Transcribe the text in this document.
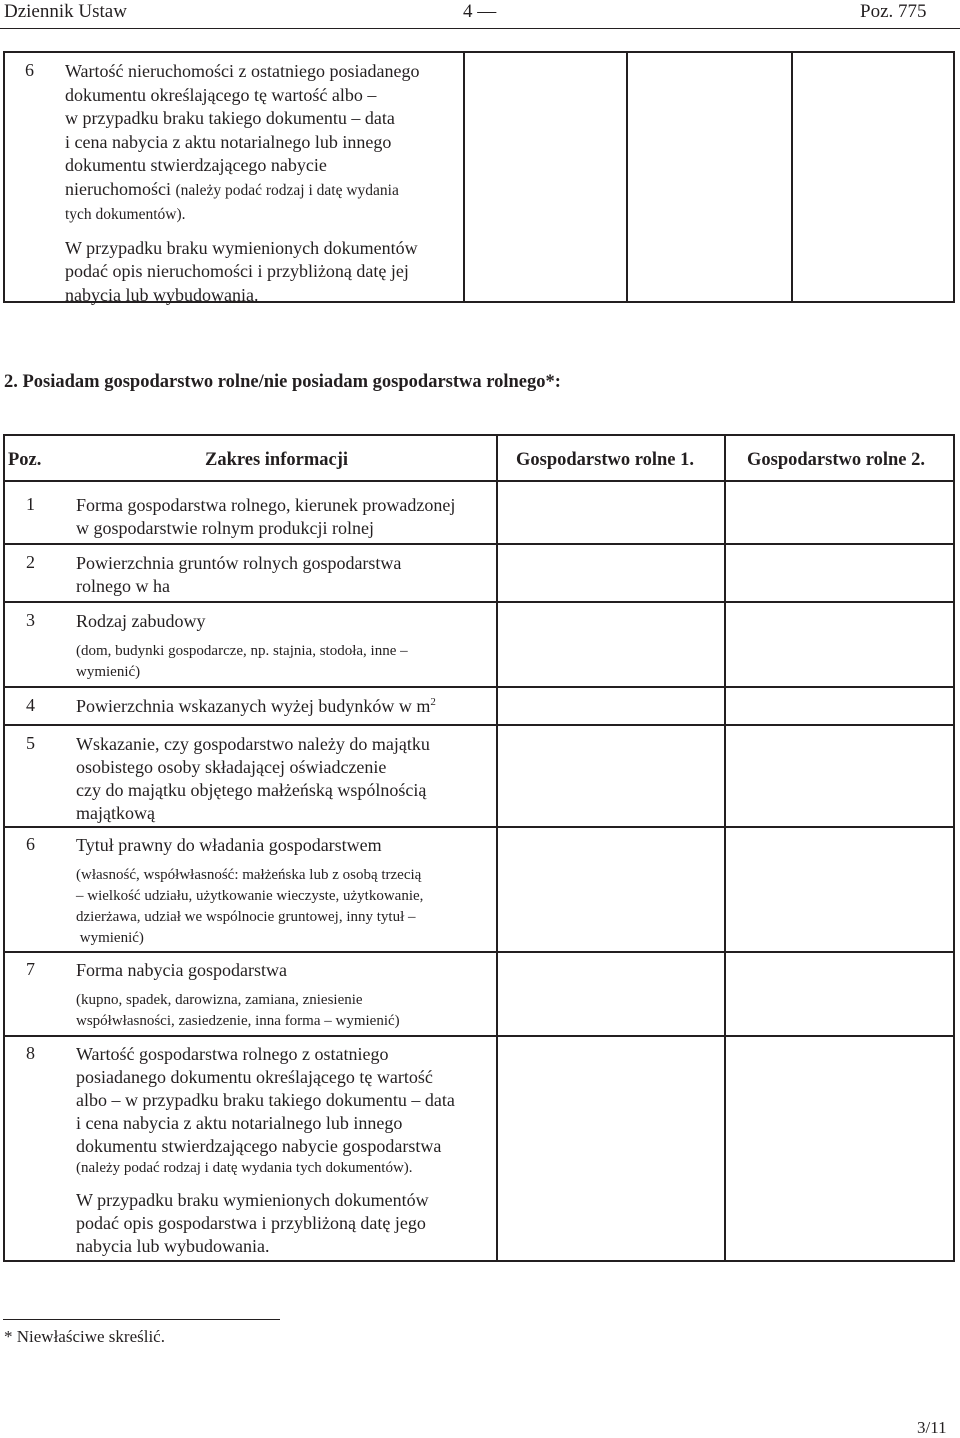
Dziennik Ustaw	4 —	Poz. 775
6 Wartość nieruchomości z ostatniego posiadanego
dokumentu określającego tę wartość albo –
w przypadku braku takiego dokumentu – data
i cena nabycia z aktu notarialnego lub innego
dokumentu stwierdzającego nabycie
nieruchomości (należy podać rodzaj i datę wydania
tych dokumentów).

W przypadku braku wymienionych dokumentów
podać opis nieruchomości i przybliżoną datę jej
nabycia lub wybudowania.

2. Posiadam gospodarstwo rolne/nie posiadam gospodarstwa rolnego*:
Poz.	Zakres informacji	Gospodarstwo rolne 1.	Gospodarstwo rolne 2.
1 Forma gospodarstwa rolnego, kierunek prowadzonej
w gospodarstwie rolnym produkcji rolnej
2 Powierzchnia gruntów rolnych gospodarstwa
rolnego w ha
3 Rodzaj zabudowy
(dom, budynki gospodarcze, np. stajnia, stodoła, inne –
wymienić)
4 Powierzchnia wskazanych wyżej budynków w $m^2$
5 Wskazanie, czy gospodarstwo należy do majątku
osobistego osoby składającej oświadczenie
czy do majątku objętego małżeńską wspólnością
majątkową
6 Tytuł prawny do władania gospodarstwem
(własność, współwłasność: małżeńska lub z osobą trzecią
– wielkość udziału, użytkowanie wieczyste, użytkowanie,
dzierżawa, udział we wspólnocie gruntowej, inny tytuł –
wymienić)
7 Forma nabycia gospodarstwa
(kupno, spadek, darowizna, zamiana, zniesienie
współwłasności, zasiedzenie, inna forma – wymienić)
8 Wartość gospodarstwa rolnego z ostatniego
posiadanego dokumentu określającego tę wartość
albo – w przypadku braku takiego dokumentu – data
i cena nabycia z aktu notarialnego lub innego
dokumentu stwierdzającego nabycie gospodarstwa
(należy podać rodzaj i datę wydania tych dokumentów).
W przypadku braku wymienionych dokumentów
podać opis gospodarstwa i przybliżoną datę jego
nabycia lub wybudowania.
* Niewłaściwe skreślić.
3/11
